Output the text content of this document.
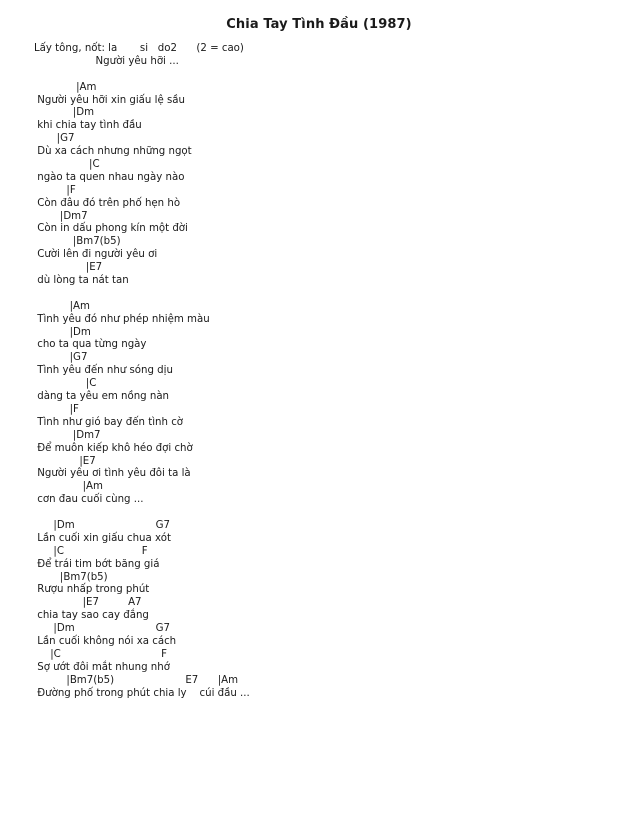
Chia Tay Tình Đầu (1987)
Lấy tông, nốt: la       si   do2      (2 = cao)
Người yêu hỡi ...
|Am
Người yêu hỡi xin giấu lệ sầu
|Dm
khi chia tay tình đầu
|G7
Dù xa cách nhưng những ngọt
|C
ngào ta quen nhau ngày nào
|F
Còn đâu đó trên phố hẹn hò
|Dm7
Còn in dấu phong kín một đời
|Bm7(b5)
Cười lên đi người yêu ơi
|E7
dù lòng ta nát tan
|Am
Tình yêu đó như phép nhiệm màu
|Dm
cho ta qua từng ngày
|G7
Tình yêu đến như sóng dịu
|C
dàng ta yêu em nồng nàn
|F
Tình như gió bay đến tình cờ
|Dm7
Để muôn kiếp khô héo đợi chờ
|E7
Người yêu ơi tình yêu đôi ta là
|Am
cơn đau cuối cùng ...
|Dm                         G7
Lần cuối xin giấu chua xót
|C                        F
Để trái tim bớt băng giá
|Bm7(b5)
Rượu nhấp trong phút
|E7         A7
chia tay sao cay đắng
|Dm                         G7
Lần cuối không nói xa cách
|C                               F
Sợ ướt đôi mắt nhung nhớ
|Bm7(b5)                      E7      |Am
Đường phố trong phút chia ly    cúi đầu ...
